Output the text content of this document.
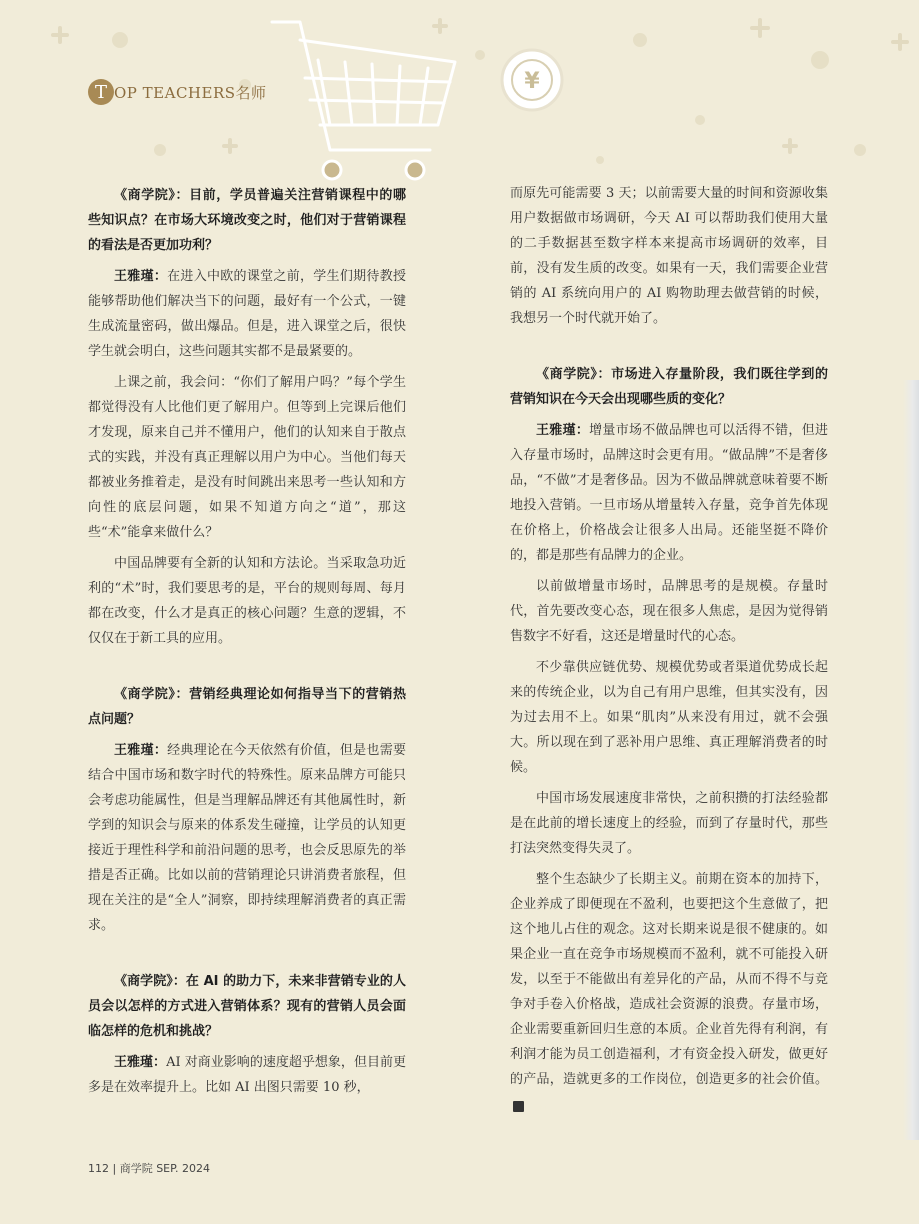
¥
T OP TEACHERS名师

《商学院》：目前，学员普遍关注营销课程中的哪些知识点？在市场大环境改变之时，他们对于营销课程的看法是否更加功利？

王雅瑾：在进入中欧的课堂之前，学生们期待教授能够帮助他们解决当下的问题，最好有一个公式，一键生成流量密码，做出爆品。但是，进入课堂之后，很快学生就会明白，这些问题其实都不是最紧要的。

上课之前，我会问：“你们了解用户吗？”每个学生都觉得没有人比他们更了解用户。但等到上完课后他们才发现，原来自己并不懂用户，他们的认知来自于散点式的实践，并没有真正理解以用户为中心。当他们每天都被业务推着走，是没有时间跳出来思考一些认知和方向性的底层问题，如果不知道方向之“道”，那这些“术”能拿来做什么？

中国品牌要有全新的认知和方法论。当采取急功近利的“术”时，我们要思考的是，平台的规则每周、每月都在改变，什么才是真正的核心问题？生意的逻辑，不仅仅在于新工具的应用。

《商学院》：营销经典理论如何指导当下的营销热点问题？

王雅瑾：经典理论在今天依然有价值，但是也需要结合中国市场和数字时代的特殊性。原来品牌方可能只会考虑功能属性，但是当理解品牌还有其他属性时，新学到的知识会与原来的体系发生碰撞，让学员的认知更接近于理性科学和前沿问题的思考，也会反思原先的举措是否正确。比如以前的营销理论只讲消费者旅程，但现在关注的是“全人”洞察，即持续理解消费者的真正需求。

《商学院》：在 AI 的助力下，未来非营销专业的人员会以怎样的方式进入营销体系？现有的营销人员会面临怎样的危机和挑战？

王雅瑾：AI 对商业影响的速度超乎想象，但目前更多是在效率提升上。比如 AI 出图只需要 10 秒，

而原先可能需要 3 天；以前需要大量的时间和资源收集用户数据做市场调研，今天 AI 可以帮助我们使用大量的二手数据甚至数字样本来提高市场调研的效率，目前，没有发生质的改变。如果有一天，我们需要企业营销的 AI 系统向用户的 AI 购物助理去做营销的时候，我想另一个时代就开始了。

《商学院》：市场进入存量阶段，我们既往学到的营销知识在今天会出现哪些质的变化？

王雅瑾：增量市场不做品牌也可以活得不错，但进入存量市场时，品牌这时会更有用。“做品牌”不是奢侈品，“不做”才是奢侈品。因为不做品牌就意味着要不断地投入营销。一旦市场从增量转入存量，竞争首先体现在价格上，价格战会让很多人出局。还能坚挺不降价的，都是那些有品牌力的企业。

以前做增量市场时，品牌思考的是规模。存量时代，首先要改变心态，现在很多人焦虑，是因为觉得销售数字不好看，这还是增量时代的心态。

不少靠供应链优势、规模优势或者渠道优势成长起来的传统企业，以为自己有用户思维，但其实没有，因为过去用不上。如果“肌肉”从来没有用过，就不会强大。所以现在到了恶补用户思维、真正理解消费者的时候。

中国市场发展速度非常快，之前积攒的打法经验都是在此前的增长速度上的经验，而到了存量时代，那些打法突然变得失灵了。

整个生态缺少了长期主义。前期在资本的加持下，企业养成了即便现在不盈利，也要把这个生意做了，把这个地儿占住的观念。这对长期来说是很不健康的。如果企业一直在竞争市场规模而不盈利，就不可能投入研发，以至于不能做出有差异化的产品，从而不得不与竞争对手卷入价格战，造成社会资源的浪费。存量市场，企业需要重新回归生意的本质。企业首先得有利润，有利润才能为员工创造福利，才有资金投入研发，做更好的产品，造就更多的工作岗位，创造更多的社会价值。商

112 | 商学院 SEP. 2024
